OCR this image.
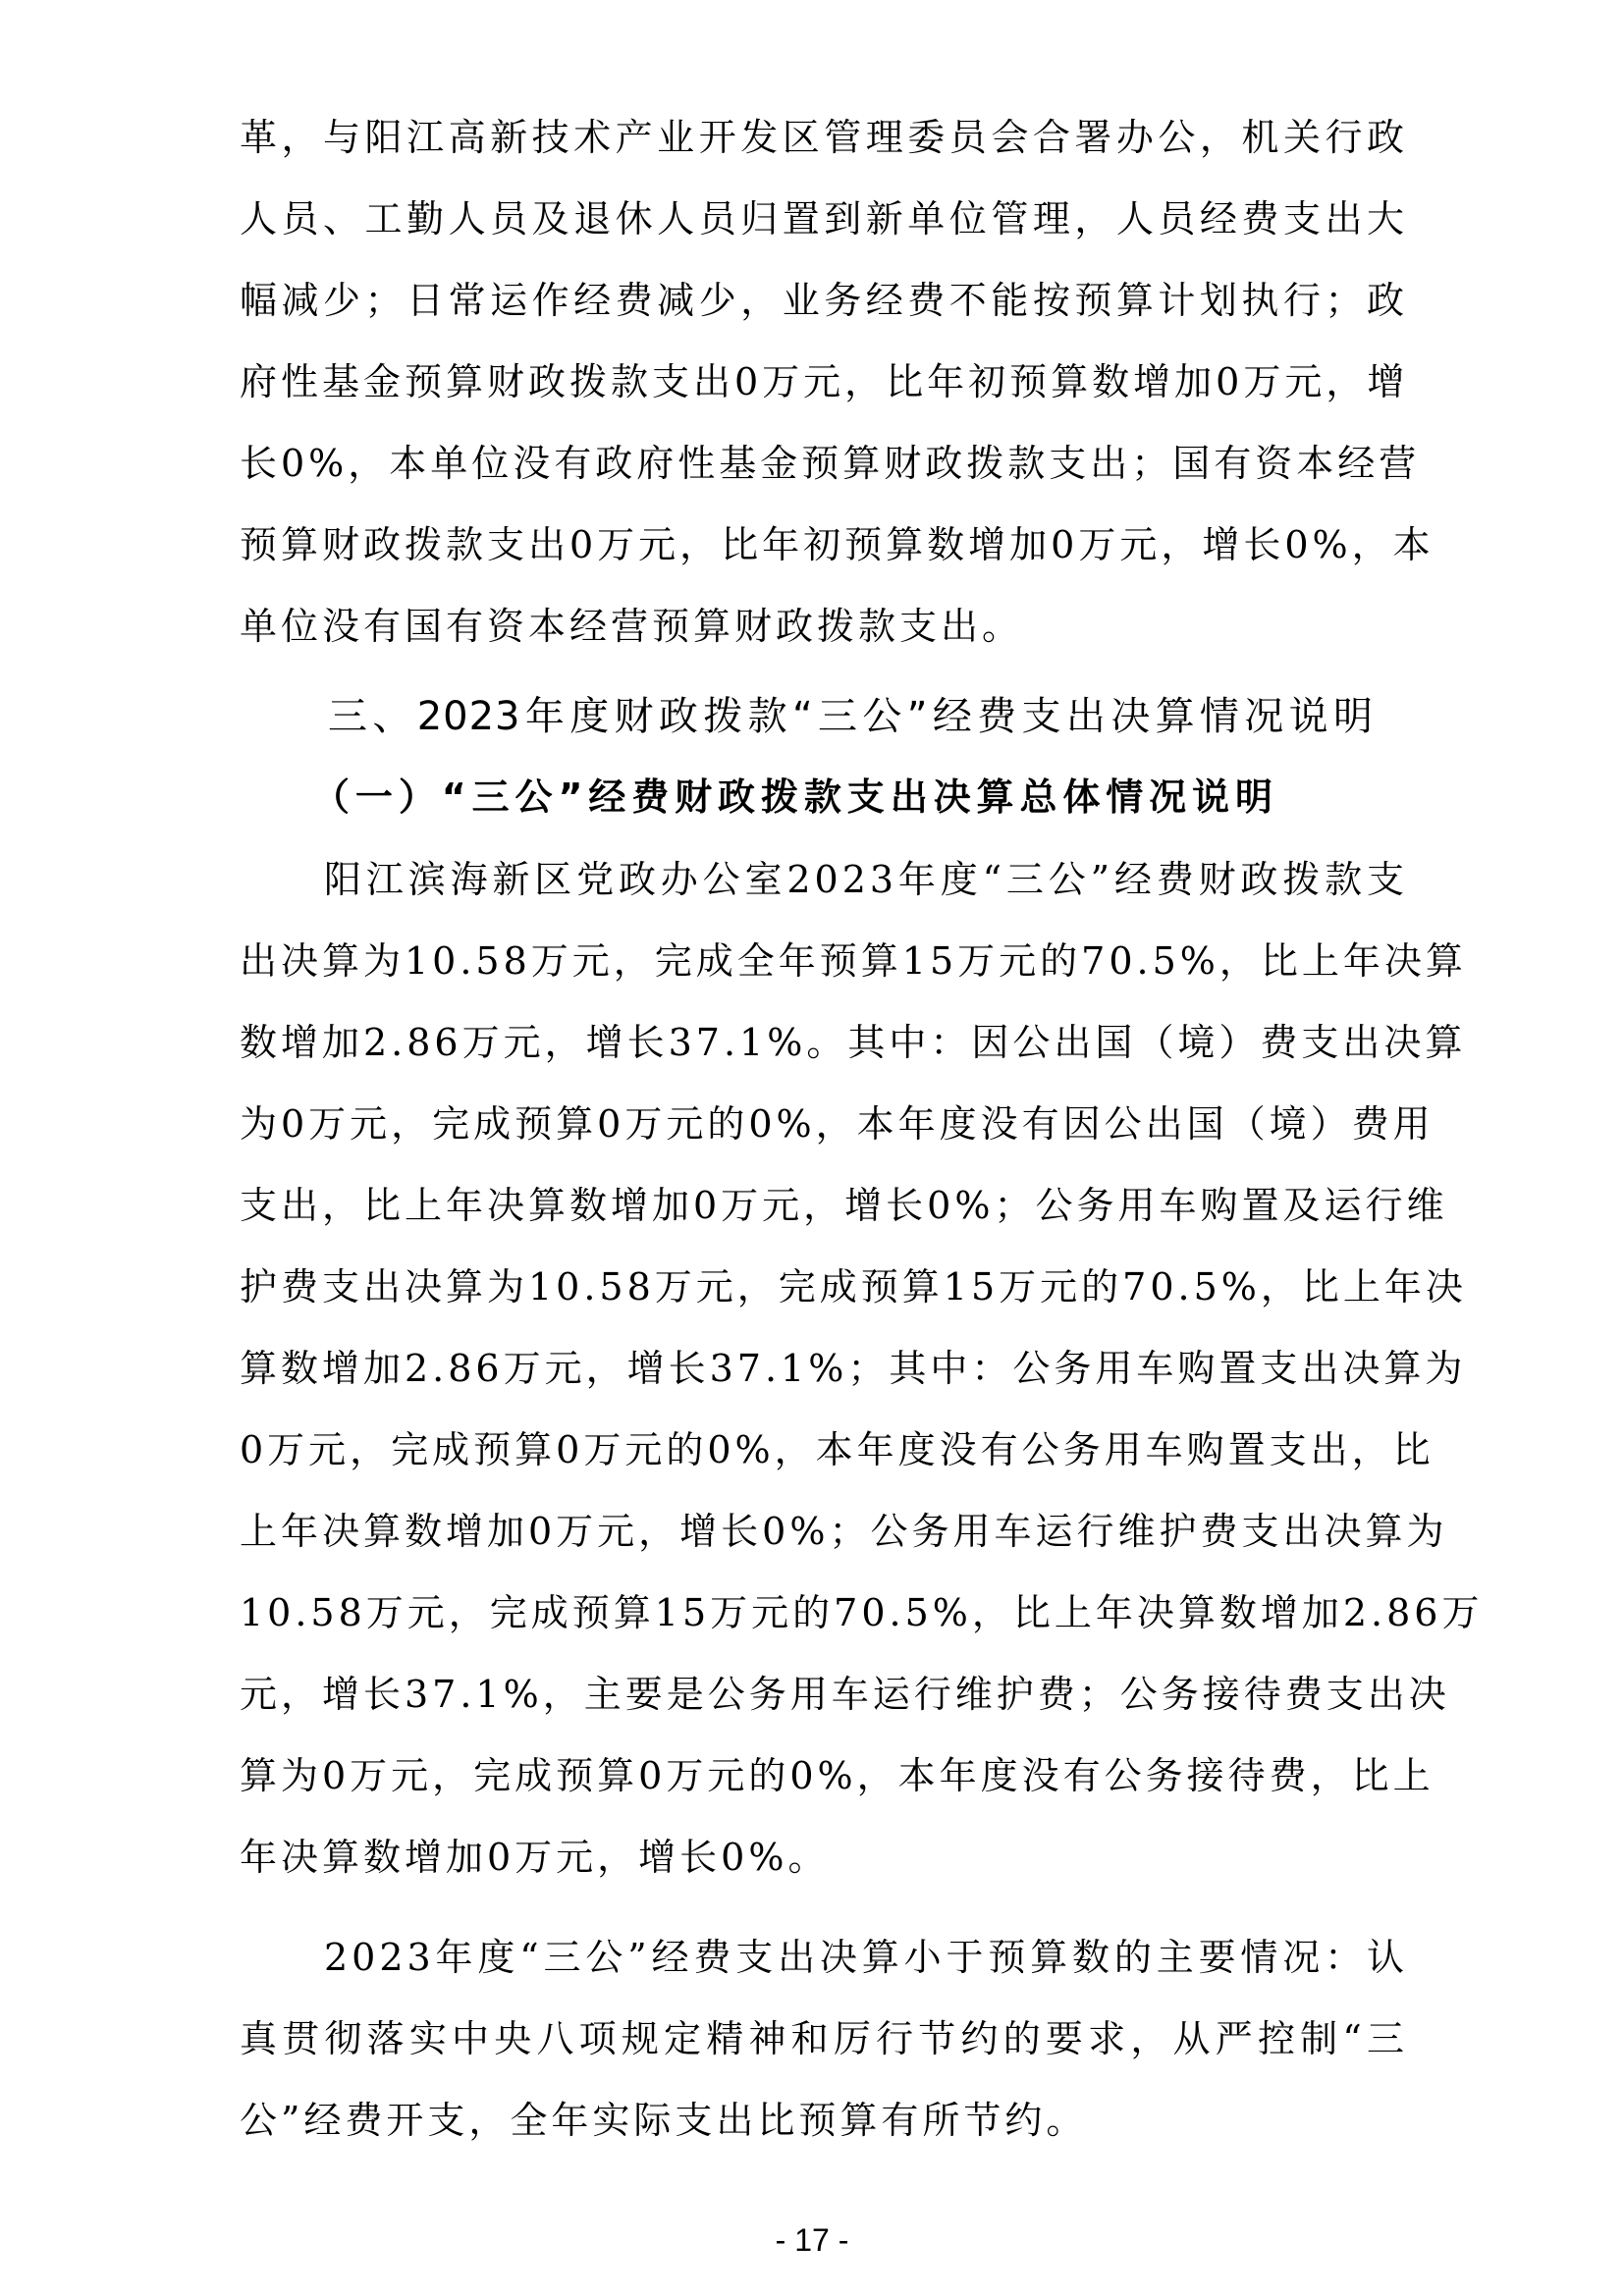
革，与阳江高新技术产业开发区管理委员会合署办公，机关行政
人员、工勤人员及退休人员归置到新单位管理，人员经费支出大
幅减少；日常运作经费减少，业务经费不能按预算计划执行；政
府性基金预算财政拨款支出0万元，比年初预算数增加0万元，增
长0%，本单位没有政府性基金预算财政拨款支出；国有资本经营
预算财政拨款支出0万元，比年初预算数增加0万元，增长0%，本
单位没有国有资本经营预算财政拨款支出。
三、2023年度财政拨款“三公”经费支出决算情况说明
（一）“三公”经费财政拨款支出决算总体情况说明
阳江滨海新区党政办公室2023年度“三公”经费财政拨款支
出决算为10.58万元，完成全年预算15万元的70.5%，比上年决算
数增加2.86万元，增长37.1%。其中：因公出国（境）费支出决算
为0万元，完成预算0万元的0%，本年度没有因公出国（境）费用
支出，比上年决算数增加0万元，增长0%；公务用车购置及运行维
护费支出决算为10.58万元，完成预算15万元的70.5%，比上年决
算数增加2.86万元，增长37.1%；其中：公务用车购置支出决算为
0万元，完成预算0万元的0%，本年度没有公务用车购置支出，比
上年决算数增加0万元，增长0%；公务用车运行维护费支出决算为
10.58万元，完成预算15万元的70.5%，比上年决算数增加2.86万
元，增长37.1%，主要是公务用车运行维护费；公务接待费支出决
算为0万元，完成预算0万元的0%，本年度没有公务接待费，比上
年决算数增加0万元，增长0%。
2023年度“三公”经费支出决算小于预算数的主要情况：认
真贯彻落实中央八项规定精神和厉行节约的要求，从严控制“三
公”经费开支，全年实际支出比预算有所节约。
- 17 -
